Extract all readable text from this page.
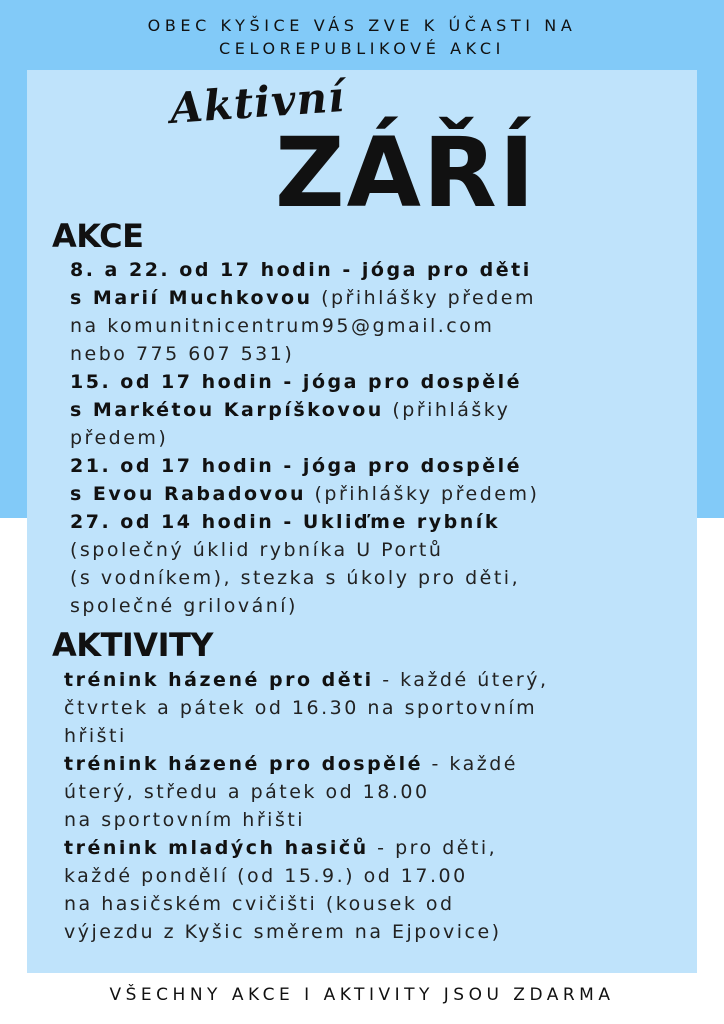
OBEC KYŠICE VÁS ZVE K ÚČASTI NA
CELOREPUBLIKOVÉ AKCI
Aktivní
ZÁŘÍ
AKCE
8. a 22. od 17 hodin - jóga pro děti
s Marií Muchkovou (přihlášky předem
na komunitnicentrum95@gmail.com
nebo 775 607 531)
15. od 17 hodin - jóga pro dospělé
s Markétou Karpíškovou (přihlášky
předem)
21. od 17 hodin - jóga pro dospělé
s Evou Rabadovou (přihlášky předem)
27. od 14 hodin - Ukliďme rybník
(společný úklid rybníka U Portů
(s vodníkem), stezka s úkoly pro děti,
společné grilování)
AKTIVITY
trénink házené pro děti - každé úterý,
čtvrtek a pátek od 16.30 na sportovním
hřišti
trénink házené pro dospělé - každé
úterý, středu a pátek od 18.00
na sportovním hřišti
trénink mladých hasičů - pro děti,
každé pondělí (od 15.9.) od 17.00
na hasičském cvičišti (kousek od
výjezdu z Kyšic směrem na Ejpovice)
VŠECHNY AKCE I AKTIVITY JSOU ZDARMA
